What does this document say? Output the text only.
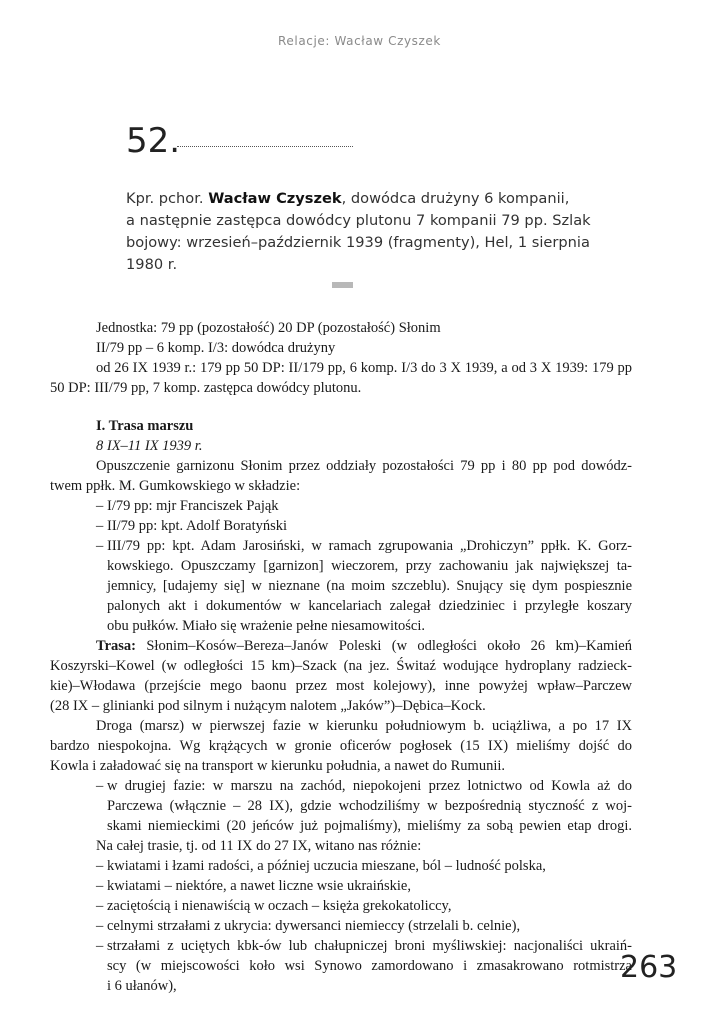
Relacje: Wacław Czyszek
52.
Kpr. pchor. Wacław Czyszek, dowódca drużyny 6 kompanii,
a następnie zastępca dowódcy plutonu 7 kompanii 79 pp. Szlak
bojowy: wrzesień–październik 1939 (fragmenty), Hel, 1 sierpnia
1980 r.
Jednostka: 79 pp (pozostałość) 20 DP (pozostałość) Słonim
II/79 pp – 6 komp. I/3: dowódca drużyny
od 26 IX 1939 r.: 179 pp 50 DP: II/179 pp, 6 komp. I/3 do 3 X 1939, a od 3 X 1939: 179 pp
50 DP: III/79 pp, 7 komp. zastępca dowódcy plutonu.
I. Trasa marszu
8 IX–11 IX 1939 r.
Opuszczenie garnizonu Słonim przez oddziały pozostałości 79 pp i 80 pp pod dowódz-
twem ppłk. M. Gumkowskiego w składzie:
– I/79 pp: mjr Franciszek Pająk
– II/79 pp: kpt. Adolf Boratyński
– III/79 pp: kpt. Adam Jarosiński, w ramach zgrupowania „Drohiczyn” ppłk. K. Gorz-
kowskiego. Opuszczamy [garnizon] wieczorem, przy zachowaniu jak największej ta-
jemnicy, [udajemy się] w nieznane (na moim szczeblu). Snujący się dym pospiesznie
palonych akt i dokumentów w kancelariach zalegał dziedziniec i przyległe koszary
obu pułków. Miało się wrażenie pełne niesamowitości.
Trasa: Słonim–Kosów–Bereza–Janów Poleski (w odległości około 26 km)–Kamień
Koszyrski–Kowel (w odległości 15 km)–Szack (na jez. Świtaź wodujące hydroplany radzieck-
kie)–Włodawa (przejście mego baonu przez most kolejowy), inne powyżej wpław–Parczew
(28 IX – glinianki pod silnym i nużącym nalotem „Jaków”)–Dębica–Kock.
Droga (marsz) w pierwszej fazie w kierunku południowym b. uciążliwa, a po 17 IX
bardzo niespokojna. Wg krążących w gronie oficerów pogłosek (15 IX) mieliśmy dojść do
Kowla i załadować się na transport w kierunku południa, a nawet do Rumunii.
– w drugiej fazie: w marszu na zachód, niepokojeni przez lotnictwo od Kowla aż do
Parczewa (włącznie – 28 IX), gdzie wchodziliśmy w bezpośrednią styczność z woj-
skami niemieckimi (20 jeńców już pojmaliśmy), mieliśmy za sobą pewien etap drogi.
Na całej trasie, tj. od 11 IX do 27 IX, witano nas różnie:
– kwiatami i łzami radości, a później uczucia mieszane, ból – ludność polska,
– kwiatami – niektóre, a nawet liczne wsie ukraińskie,
– zaciętością i nienawiścią w oczach – księża grekokatoliccy,
– celnymi strzałami z ukrycia: dywersanci niemieccy (strzelali b. celnie),
– strzałami z uciętych kbk-ów lub chałupniczej broni myśliwskiej: nacjonaliści ukraiń-
scy (w miejscowości koło wsi Synowo zamordowano i zmasakrowano rotmistrza
i 6 ułanów),
263
